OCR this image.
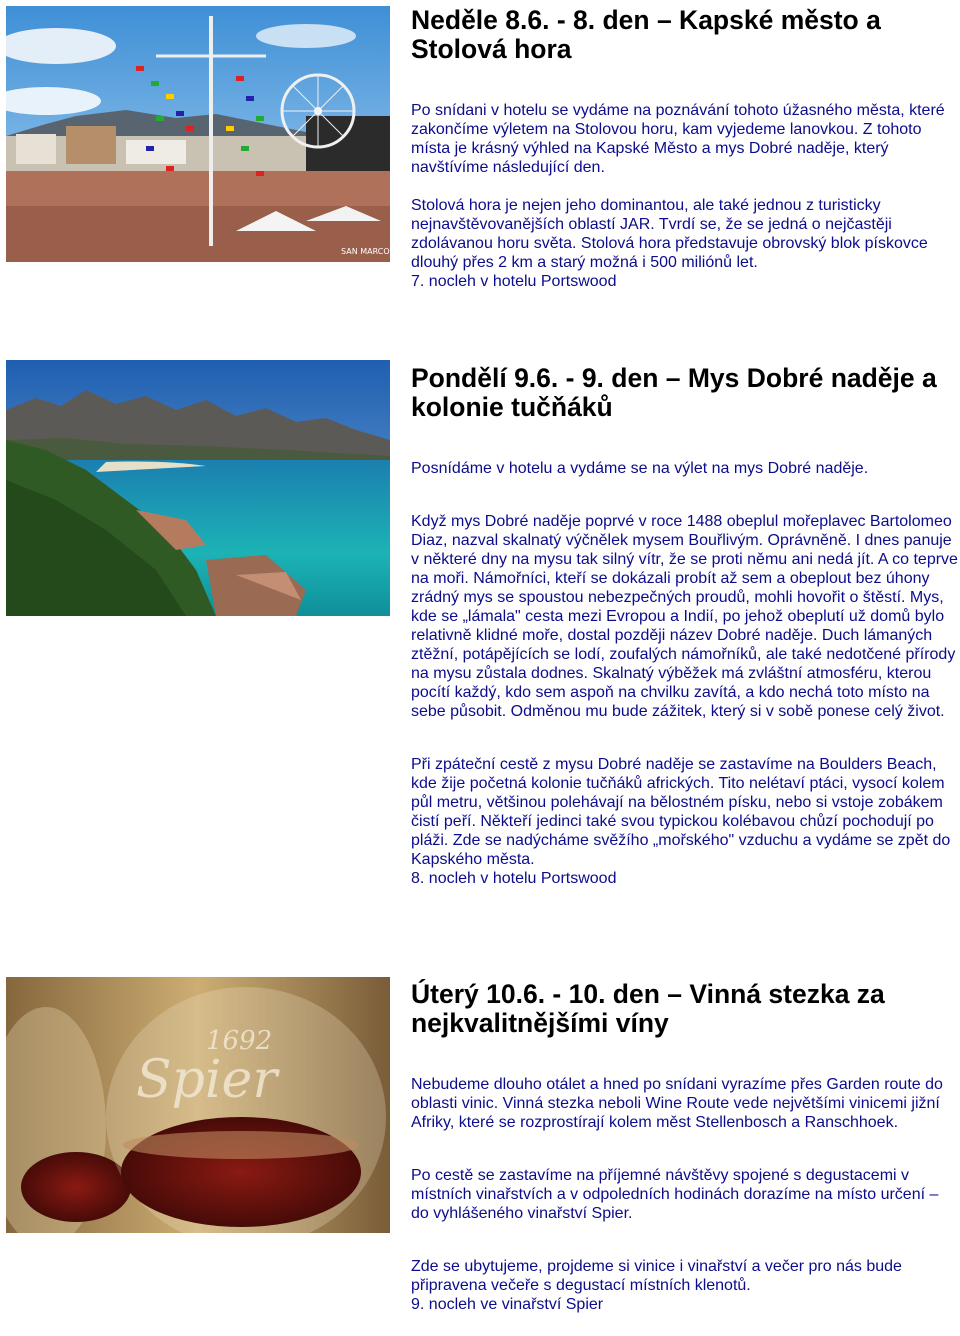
SAN MARCO
Neděle 8.6. - 8. den – Kapské město a Stolová hora

Po snídani v hotelu se vydáme na poznávání tohoto úžasného města, které zakončíme výletem na Stolovou horu, kam vyjedeme lanovkou. Z tohoto místa je krásný výhled na Kapské Město a mys Dobré naděje, který navštívíme následující den.

Stolová hora je nejen jeho dominantou, ale také jednou z turisticky nejnavštěvovanějších oblastí JAR. Tvrdí se, že se jedná o nejčastěji zdolávanou horu světa. Stolová hora představuje obrovský blok pískovce dlouhý přes 2 km a starý možná i 500 miliónů let.

7. nocleh v hotelu Portswood

Pondělí 9.6. - 9. den – Mys Dobré naděje a kolonie tučňáků

Posnídáme v hotelu a vydáme se na výlet na mys Dobré naděje.

Když mys Dobré naděje poprvé v roce 1488 obeplul mořeplavec Bartolomeo Diaz, nazval skalnatý výčnělek mysem Bouřlivým. Oprávněně. I dnes panuje v některé dny na mysu tak silný vítr, že se proti němu ani nedá jít. A co teprve na moři. Námořníci, kteří se dokázali probít až sem a obeplout bez úhony zrádný mys se spoustou nebezpečných proudů, mohli hovořit o štěstí. Mys, kde se „lámala" cesta mezi Evropou a Indií, po jehož obeplutí už domů bylo relativně klidné moře, dostal později název Dobré naděje. Duch lámaných ztěžní, potápějících se lodí, zoufalých námořníků, ale také nedotčené přírody na mysu zůstala dodnes. Skalnatý výběžek má zvláštní atmosféru, kterou pocítí každý, kdo sem aspoň na chvilku zavítá, a kdo nechá toto místo na sebe působit. Odměnou mu bude zážitek, který si v sobě ponese celý život.

Při zpáteční cestě z mysu Dobré naděje se zastavíme na Boulders Beach, kde žije početná kolonie tučňáků afrických. Tito nelétaví ptáci, vysocí kolem půl metru, většinou polehávají na bělostném písku, nebo si vstoje zobákem čistí peří. Někteří jedinci také svou typickou kolébavou chůzí pochodují po pláži. Zde se nadýcháme svěžího „mořského" vzduchu a vydáme se zpět do Kapského města.

8. nocleh v hotelu Portswood

1692
Spier
Úterý 10.6. - 10. den – Vinná stezka za nejkvalitnějšími víny

Nebudeme dlouho otálet a hned po snídani vyrazíme přes Garden route do oblasti vinic. Vinná stezka neboli Wine Route vede největšími vinicemi jižní Afriky, které se rozprostírají kolem měst Stellenbosch a Ranschhoek.

Po cestě se zastavíme na příjemné návštěvy spojené s degustacemi v místních vinařstvích a v odpoledních hodinách dorazíme na místo určení – do vyhlášeného vinařství Spier.

Zde se ubytujeme, projdeme si vinice i vinařství a večer pro nás bude připravena večeře s degustací místních klenotů.

9. nocleh ve vinařství Spier
